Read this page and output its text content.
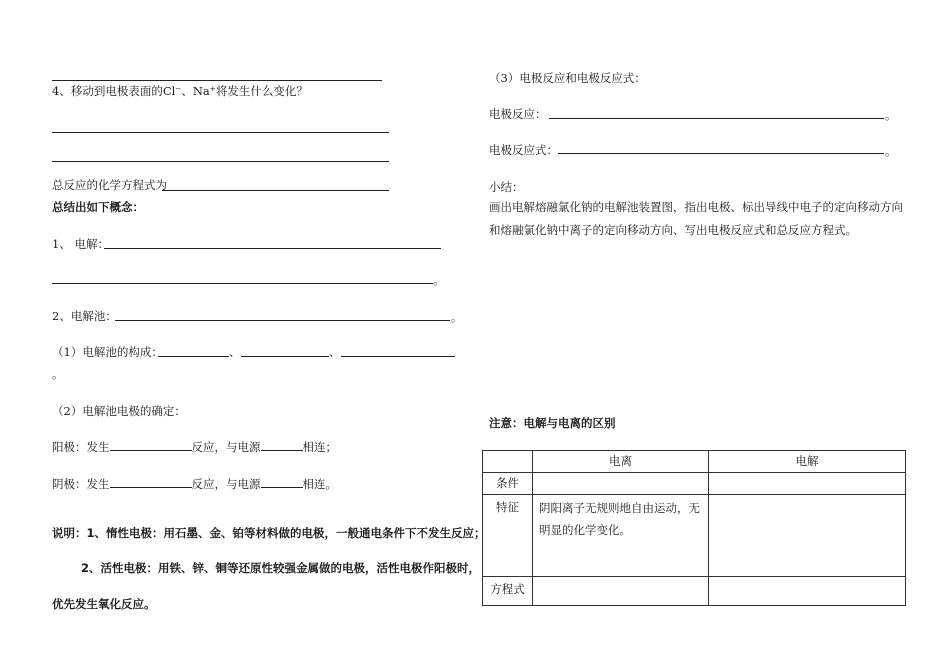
4、移动到电极表面的Cl⁻、Na⁺将发生什么变化？
总反应的化学方程式为
总结出如下概念：
1、 电解：
。
2、电解池：	。
（1）电解池的构成：	、	、
。
（2）电解池电极的确定：
阳极：发生	反应，与电源	相连；
阴极：发生	反应，与电源	相连。
说明：1、惰性电极：用石墨、金、铂等材料做的电极，一般通电条件下不发生反应；
2、活性电极：用铁、锌、铜等还原性较强金属做的电极，活性电极作阳极时，
优先发生氧化反应。
（3）电极反应和电极反应式：
电极反应：	。
电极反应式：	。
小结：
画出电解熔融氯化钠的电解池装置图，指出电极、标出导线中电子的定向移动方向
和熔融氯化钠中离子的定向移动方向、写出电极反应式和总反应方程式。
注意：电解与电离的区别
	电离	电解
条件		
特征	阴阳离子无规则地自由运动，无明显的化学变化。	

方程式		
